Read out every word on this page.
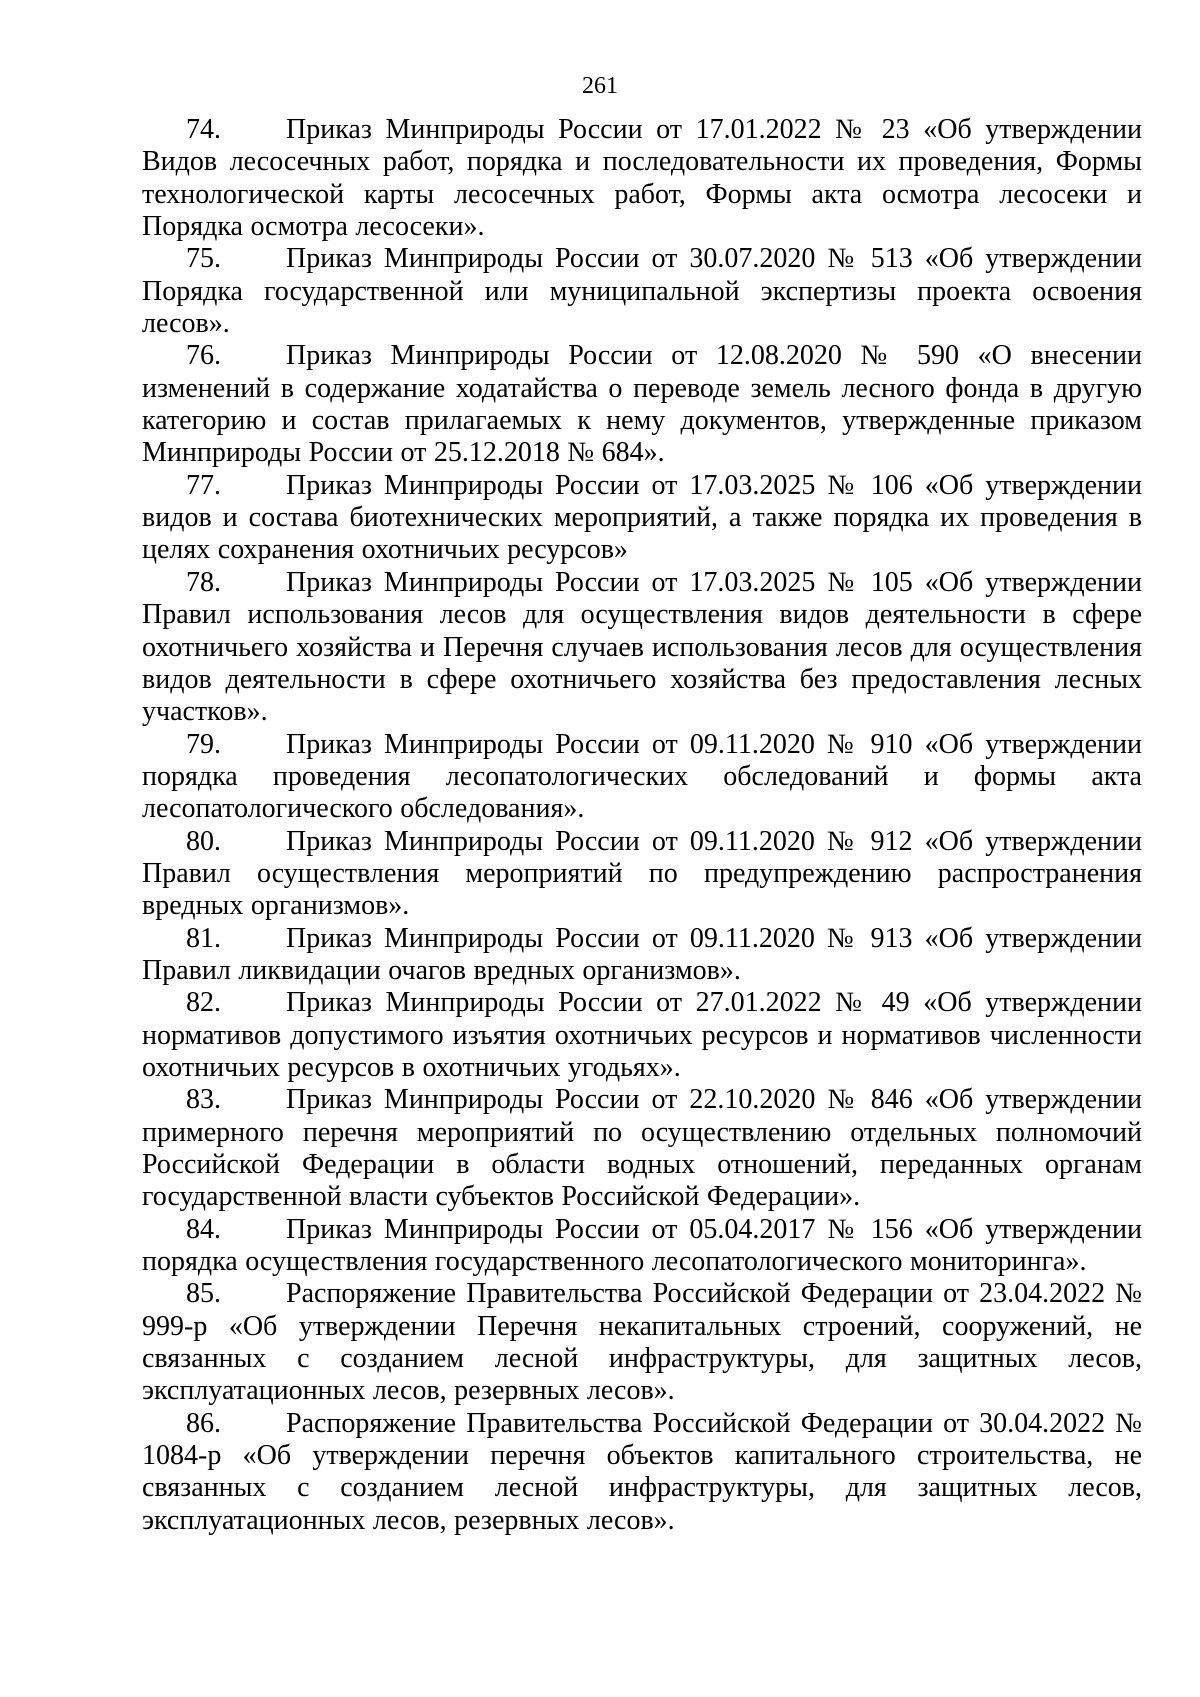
261

74. Приказ Минприроды России от 17.01.2022 № 23 «Об утверждении Видов лесосечных работ, порядка и последовательности их проведения, Формы технологической карты лесосечных работ, Формы акта осмотра лесосеки и Порядка осмотра лесосеки».

75. Приказ Минприроды России от 30.07.2020 № 513 «Об утверждении Порядка государственной или муниципальной экспертизы проекта освоения лесов».

76. Приказ Минприроды России от 12.08.2020 № 590 «О внесении изменений в содержание ходатайства о переводе земель лесного фонда в другую категорию и состав прилагаемых к нему документов, утвержденные приказом Минприроды России от 25.12.2018 № 684».

77. Приказ Минприроды России от 17.03.2025 № 106 «Об утверждении видов и состава биотехнических мероприятий, а также порядка их проведения в целях сохранения охотничьих ресурсов»

78. Приказ Минприроды России от 17.03.2025 № 105 «Об утверждении Правил использования лесов для осуществления видов деятельности в сфере охотничьего хозяйства и Перечня случаев использования лесов для осуществления видов деятельности в сфере охотничьего хозяйства без предоставления лесных участков».

79. Приказ Минприроды России от 09.11.2020 № 910 «Об утверждении порядка проведения лесопатологических обследований и формы акта лесопатологического обследования».

80. Приказ Минприроды России от 09.11.2020 № 912 «Об утверждении Правил осуществления мероприятий по предупреждению распространения вредных организмов».

81. Приказ Минприроды России от 09.11.2020 № 913 «Об утверждении Правил ликвидации очагов вредных организмов».

82. Приказ Минприроды России от 27.01.2022 № 49 «Об утверждении нормативов допустимого изъятия охотничьих ресурсов и нормативов численности охотничьих ресурсов в охотничьих угодьях».

83. Приказ Минприроды России от 22.10.2020 № 846 «Об утверждении примерного перечня мероприятий по осуществлению отдельных полномочий Российской Федерации в области водных отношений, переданных органам государственной власти субъектов Российской Федерации».

84. Приказ Минприроды России от 05.04.2017 № 156 «Об утверждении порядка осуществления государственного лесопатологического мониторинга».

85. Распоряжение Правительства Российской Федерации от 23.04.2022 № 999-р «Об утверждении Перечня некапитальных строений, сооружений, не связанных с созданием лесной инфраструктуры, для защитных лесов, эксплуатационных лесов, резервных лесов».

86. Распоряжение Правительства Российской Федерации от 30.04.2022 № 1084-р «Об утверждении перечня объектов капитального строительства, не связанных с созданием лесной инфраструктуры, для защитных лесов, эксплуатационных лесов, резервных лесов».
